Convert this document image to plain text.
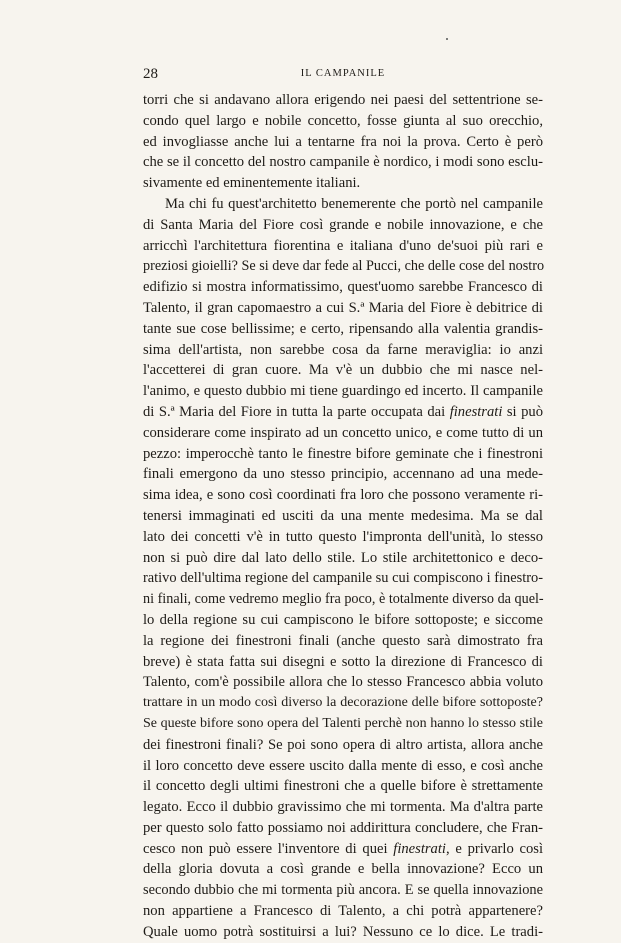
28	IL CAMPANILE
torri che si andavano allora erigendo nei paesi del settentrione se-
condo quel largo e nobile concetto, fosse giunta al suo orecchio,
ed invogliasse anche lui a tentarne fra noi la prova. Certo è però
che se il concetto del nostro campanile è nordico, i modi sono esclu-
sivamente ed eminentemente italiani.
Ma chi fu quest'architetto benemerente che portò nel campanile
di Santa Maria del Fiore così grande e nobile innovazione, e che
arricchì l'architettura fiorentina e italiana d'uno de'suoi più rari e
preziosi gioielli? Se si deve dar fede al Pucci, che delle cose del nostro
edifizio si mostra informatissimo, quest'uomo sarebbe Francesco di
Talento, il gran capomaestro a cui S.ª Maria del Fiore è debitrice di
tante sue cose bellissime; e certo, ripensando alla valentia grandis-
sima dell'artista, non sarebbe cosa da farne meraviglia: io anzi
l'accetterei di gran cuore. Ma v'è un dubbio che mi nasce nel-
l'animo, e questo dubbio mi tiene guardingo ed incerto. Il campanile
di S.ª Maria del Fiore in tutta la parte occupata dai finestrati si può
considerare come inspirato ad un concetto unico, e come tutto di un
pezzo: imperocchè tanto le finestre bifore geminate che i finestroni
finali emergono da uno stesso principio, accennano ad una mede-
sima idea, e sono così coordinati fra loro che possono veramente ri-
tenersi immaginati ed usciti da una mente medesima. Ma se dal
lato dei concetti v'è in tutto questo l'impronta dell'unità, lo stesso
non si può dire dal lato dello stile. Lo stile architettonico e deco-
rativo dell'ultima regione del campanile su cui compiscono i finestro-
ni finali, come vedremo meglio fra poco, è totalmente diverso da quel-
lo della regione su cui campiscono le bifore sottoposte; e siccome
la regione dei finestroni finali (anche questo sarà dimostrato fra
breve) è stata fatta sui disegni e sotto la direzione di Francesco di
Talento, com'è possibile allora che lo stesso Francesco abbia voluto
trattare in un modo così diverso la decorazione delle bifore sottoposte?
Se queste bifore sono opera del Talenti perchè non hanno lo stesso stile
dei finestroni finali? Se poi sono opera di altro artista, allora anche
il loro concetto deve essere uscito dalla mente di esso, e così anche
il concetto degli ultimi finestroni che a quelle bifore è strettamente
legato. Ecco il dubbio gravissimo che mi tormenta. Ma d'altra parte
per questo solo fatto possiamo noi addirittura concludere, che Fran-
cesco non può essere l'inventore di quei finestrati, e privarlo così
della gloria dovuta a così grande e bella innovazione? Ecco un
secondo dubbio che mi tormenta più ancora. E se quella innovazione
non appartiene a Francesco di Talento, a chi potrà appartenere?
Quale uomo potrà sostituirsi a lui? Nessuno ce lo dice. Le tradi-
